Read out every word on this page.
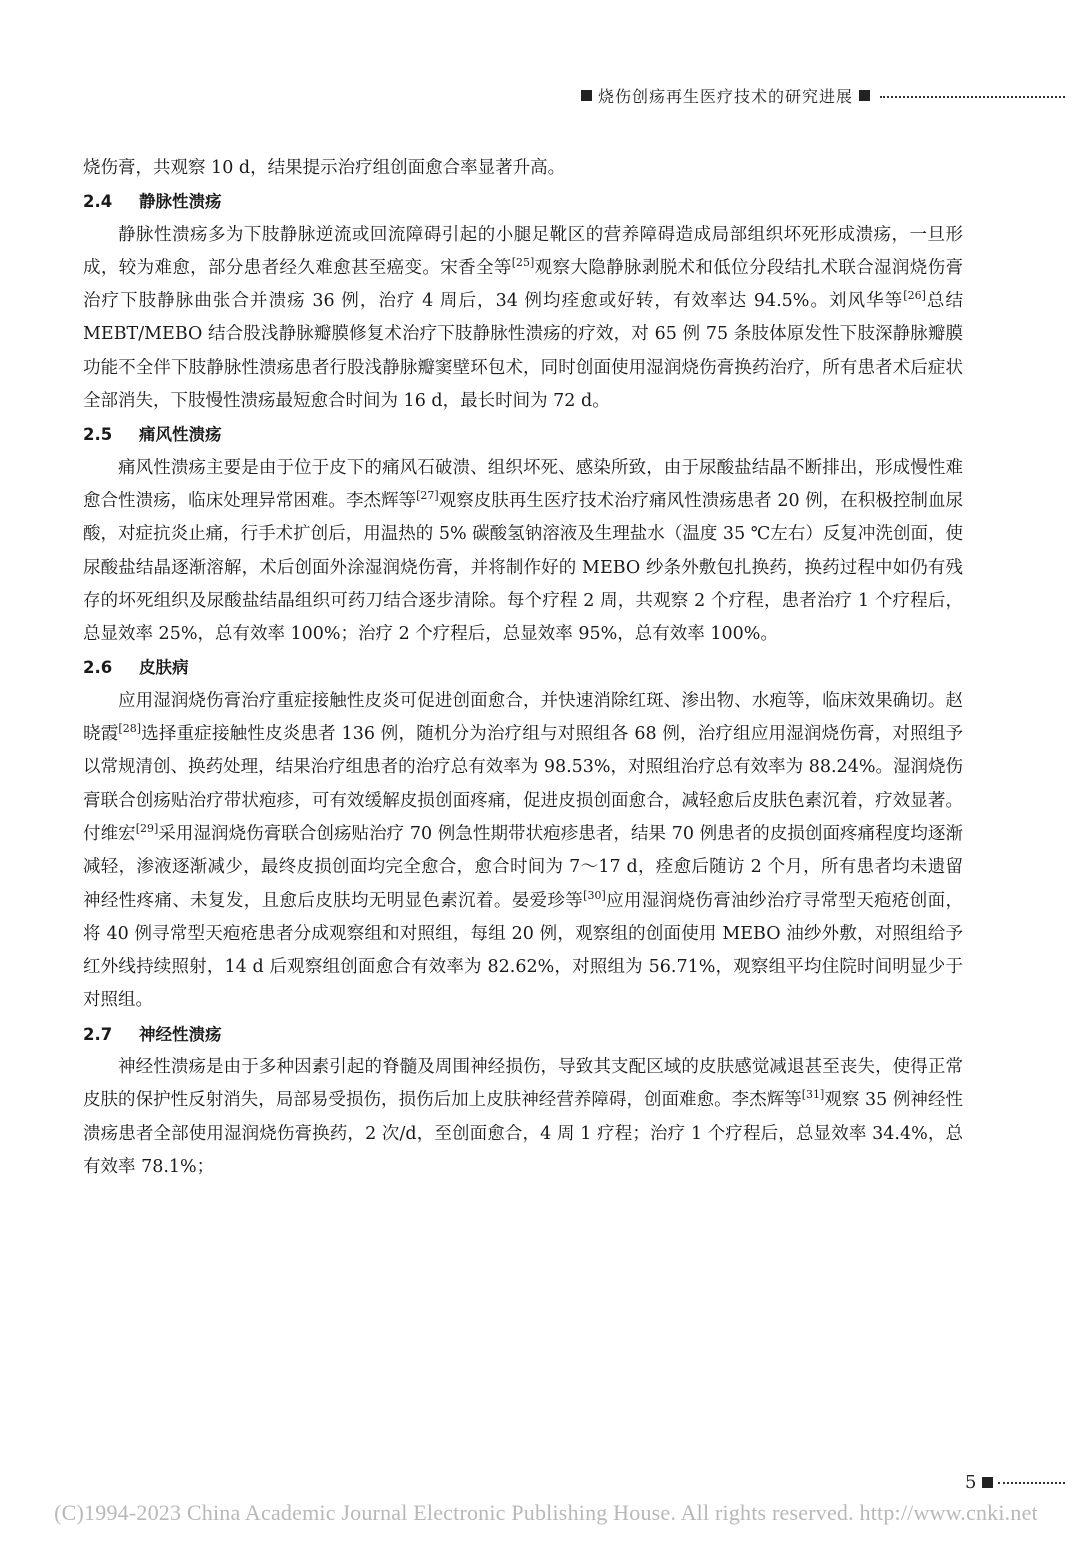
烧伤创疡再生医疗技术的研究进展

烧伤膏，共观察 10 d，结果提示治疗组创面愈合率显著升高。

2.4 静脉性溃疡

静脉性溃疡多为下肢静脉逆流或回流障碍引起的小腿足靴区的营养障碍造成局部组织坏死形成溃疡，一旦形成，较为难愈，部分患者经久难愈甚至癌变。宋香全等[25]观察大隐静脉剥脱术和低位分段结扎术联合湿润烧伤膏治疗下肢静脉曲张合并溃疡 36 例，治疗 4 周后，34 例均痊愈或好转，有效率达 94.5%。刘风华等[26]总结 MEBT/MEBO 结合股浅静脉瓣膜修复术治疗下肢静脉性溃疡的疗效，对 65 例 75 条肢体原发性下肢深静脉瓣膜功能不全伴下肢静脉性溃疡患者行股浅静脉瓣窦壁环包术，同时创面使用湿润烧伤膏换药治疗，所有患者术后症状全部消失，下肢慢性溃疡最短愈合时间为 16 d，最长时间为 72 d。

2.5 痛风性溃疡

痛风性溃疡主要是由于位于皮下的痛风石破溃、组织坏死、感染所致，由于尿酸盐结晶不断排出，形成慢性难愈合性溃疡，临床处理异常困难。李杰辉等[27]观察皮肤再生医疗技术治疗痛风性溃疡患者 20 例，在积极控制血尿酸，对症抗炎止痛，行手术扩创后，用温热的 5% 碳酸氢钠溶液及生理盐水（温度 35 ℃左右）反复冲洗创面，使尿酸盐结晶逐渐溶解，术后创面外涂湿润烧伤膏，并将制作好的 MEBO 纱条外敷包扎换药，换药过程中如仍有残存的坏死组织及尿酸盐结晶组织可药刀结合逐步清除。每个疗程 2 周，共观察 2 个疗程，患者治疗 1 个疗程后，总显效率 25%，总有效率 100%；治疗 2 个疗程后，总显效率 95%，总有效率 100%。

2.6 皮肤病

应用湿润烧伤膏治疗重症接触性皮炎可促进创面愈合，并快速消除红斑、渗出物、水疱等，临床效果确切。赵晓霞[28]选择重症接触性皮炎患者 136 例，随机分为治疗组与对照组各 68 例，治疗组应用湿润烧伤膏，对照组予以常规清创、换药处理，结果治疗组患者的治疗总有效率为 98.53%，对照组治疗总有效率为 88.24%。湿润烧伤膏联合创疡贴治疗带状疱疹，可有效缓解皮损创面疼痛，促进皮损创面愈合，减轻愈后皮肤色素沉着，疗效显著。付维宏[29]采用湿润烧伤膏联合创疡贴治疗 70 例急性期带状疱疹患者，结果 70 例患者的皮损创面疼痛程度均逐渐减轻，渗液逐渐减少，最终皮损创面均完全愈合，愈合时间为 7～17 d，痊愈后随访 2 个月，所有患者均未遗留神经性疼痛、未复发，且愈后皮肤均无明显色素沉着。晏爱珍等[30]应用湿润烧伤膏油纱治疗寻常型天疱疮创面，将 40 例寻常型天疱疮患者分成观察组和对照组，每组 20 例，观察组的创面使用 MEBO 油纱外敷，对照组给予红外线持续照射，14 d 后观察组创面愈合有效率为 82.62%，对照组为 56.71%，观察组平均住院时间明显少于对照组。

2.7 神经性溃疡

神经性溃疡是由于多种因素引起的脊髓及周围神经损伤，导致其支配区域的皮肤感觉减退甚至丧失，使得正常皮肤的保护性反射消失，局部易受损伤，损伤后加上皮肤神经营养障碍，创面难愈。李杰辉等[31]观察 35 例神经性溃疡患者全部使用湿润烧伤膏换药，2 次/d，至创面愈合，4 周 1 疗程；治疗 1 个疗程后，总显效率 34.4%，总有效率 78.1%；

5
(C)1994-2023 China Academic Journal Electronic Publishing House. All rights reserved. http://www.cnki.net
